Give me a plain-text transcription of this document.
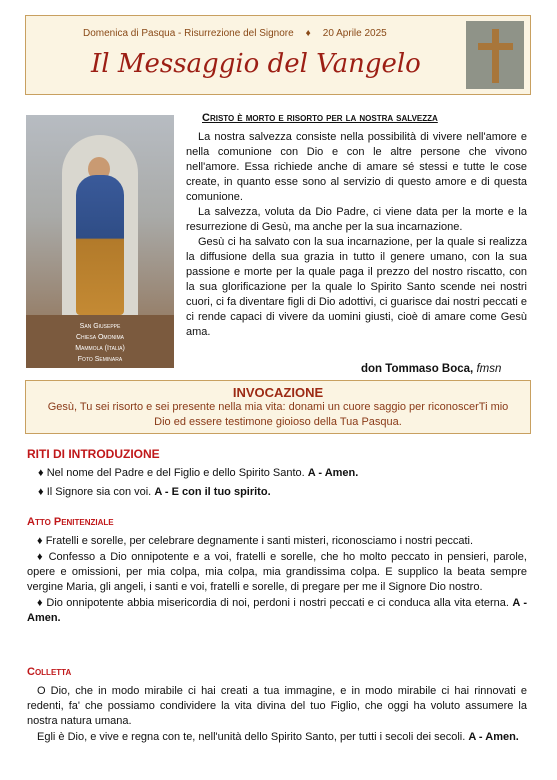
Domenica di Pasqua - Risurrezione del Signore ♦ 20 Aprile 2025
Il Messaggio del Vangelo
San Giuseppe
Chiesa Omonima
Mammola (Italia)
Foto Seminara
Cristo è morto e risorto per la nostra salvezza

La nostra salvezza consiste nella possibilità di vivere nell'amore e nella comunione con Dio e con le altre persone che vivono nell'amore. Essa richiede anche di amare sé stessi e tutte le cose create, in quanto esse sono al servizio di questo amore e di questa comunione.

La salvezza, voluta da Dio Padre, ci viene data per la morte e la resurrezione di Gesù, ma anche per la sua incarnazione.

Gesù ci ha salvato con la sua incarnazione, per la quale si realizza la diffusione della sua grazia in tutto il genere umano, con la sua passione e morte per la quale paga il prezzo del nostro riscatto, con la sua glorificazione per la quale lo Spirito Santo scende nei nostri cuori, ci fa diventare figli di Dio adottivi, ci guarisce dai nostri peccati e ci rende capaci di vivere da uomini giusti, cioè di amare come Gesù ama.

don Tommaso Boca, fmsn
INVOCAZIONE
Gesù, Tu sei risorto e sei presente nella mia vita: donami un cuore saggio per riconoscerTi mio Dio ed essere testimone gioioso della Tua Pasqua.
RITI DI INTRODUZIONE
♦ Nel nome del Padre e del Figlio e dello Spirito Santo. A - Amen.
♦ Il Signore sia con voi. A - E con il tuo spirito.
Atto Penitenziale

♦ Fratelli e sorelle, per celebrare degnamente i santi misteri, riconosciamo i nostri peccati.

♦ Confesso a Dio onnipotente e a voi, fratelli e sorelle, che ho molto peccato in pensieri, parole, opere e omissioni, per mia colpa, mia colpa, mia grandissima colpa. E supplico la beata sempre vergine Maria, gli angeli, i santi e voi, fratelli e sorelle, di pregare per me il Signore Dio nostro.

♦ Dio onnipotente abbia misericordia di noi, perdoni i nostri peccati e ci conduca alla vita eterna. A - Amen.

Colletta

O Dio, che in modo mirabile ci hai creati a tua immagine, e in modo mirabile ci hai rinnovati e redenti, fa' che possiamo condividere la vita divina del tuo Figlio, che oggi ha voluto assumere la nostra natura umana.

Egli è Dio, e vive e regna con te, nell'unità dello Spirito Santo, per tutti i secoli dei secoli. A - Amen.
